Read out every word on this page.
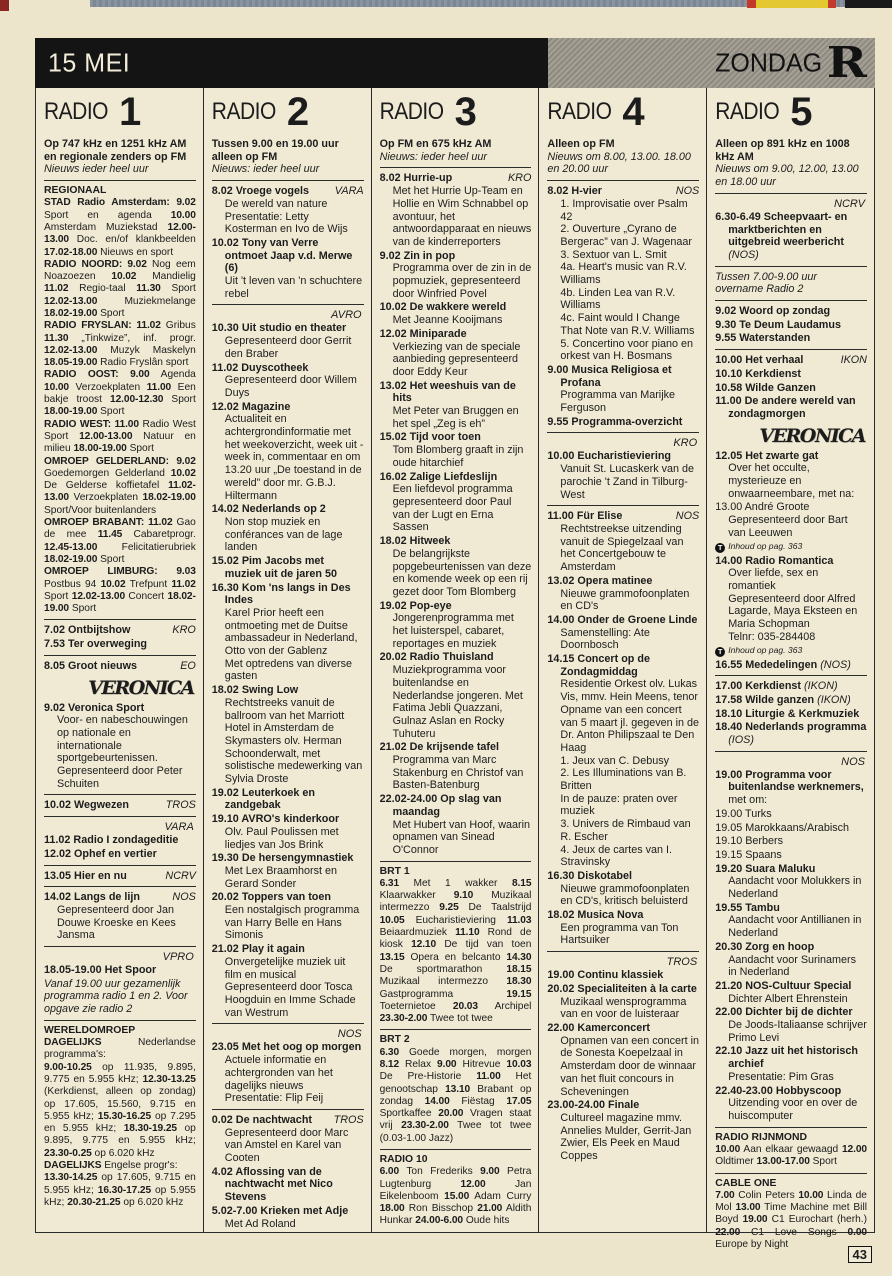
15 MEI	ZONDAG R
RADIO 1

Op 747 kHz en 1251 kHz AM en regionale zenders op FM

Nieuws ieder heel uur

REGIONAAL

STAD Radio Amsterdam: 9.02 Sport en agenda 10.00 Amsterdam Muziekstad 12.00-13.00 Doc. en/of klankbeelden 17.02-18.00 Nieuws en sport

RADIO NOORD: 9.02 Nog eem Noazoezen 10.02 Mandielig 11.02 Regio-taal 11.30 Sport 12.02-13.00 Muziekmelange 18.02-19.00 Sport

RADIO FRYSLAN: 11.02 Gribus 11.30 „Tinkwize”, inf. progr. 12.02-13.00 Muzyk Maskelyn 18.05-19.00 Radio Fryslân sport

RADIO OOST: 9.00 Agenda 10.00 Verzoekplaten 11.00 Een bakje troost 12.00-12.30 Sport 18.00-19.00 Sport

RADIO WEST: 11.00 Radio West Sport 12.00-13.00 Natuur en milieu 18.00-19.00 Sport

OMROEP GELDERLAND: 9.02 Goedemorgen Gelderland 10.02 De Gelderse koffietafel 11.02-13.00 Verzoekplaten 18.02-19.00 Sport/Voor buitenlanders

OMROEP BRABANT: 11.02 Gao de mee 11.45 Cabaretprogr. 12.45-13.00 Felicitatierubriek 18.02-19.00 Sport

OMROEP LIMBURG: 9.03 Postbus 94 10.02 Trefpunt 11.02 Sport 12.02-13.00 Concert 18.02-19.00 Sport

KRO
7.02 Ontbijtshow

7.53 Ter overweging

EO
8.05 Groot nieuws

VERONICA

9.02 Veronica Sport
Voor- en nabeschouwingen op nationale en internationale sportgebeurtenissen.
Gepresenteerd door Peter Schuiten

TROS
10.02 Wegwezen

VARA

11.02 Radio I zondageditie

12.02 Ophef en vertier

NCRV
13.05 Hier en nu

NOS
14.02 Langs de lijn
Gepresenteerd door Jan Douwe Kroeske en Kees Jansma

VPRO

18.05-19.00 Het Spoor

Vanaf 19.00 uur gezamenlijk programma radio 1 en 2. Voor opgave zie radio 2

WERELDOMROEP

DAGELIJKS Nederlandse programma's:

9.00-10.25 op 11.935, 9.895, 9.775 en 5.955 kHz; 12.30-13.25 (Kerkdienst, alleen op zondag) op 17.605, 15.560, 9.715 en 5.955 kHz; 15.30-16.25 op 7.295 en 5.955 kHz; 18.30-19.25 op 9.895, 9.775 en 5.955 kHz; 23.30-0.25 op 6.020 kHz

DAGELIJKS Engelse progr's:

13.30-14.25 op 17.605, 9.715 en 5.955 kHz; 16.30-17.25 op 5.955 kHz; 20.30-21.25 op 6.020 kHz

RADIO 2

Tussen 9.00 en 19.00 uur alleen op FM

Nieuws: ieder heel uur

VARA
8.02 Vroege vogels
De wereld van nature
Presentatie: Letty Kosterman en Ivo de Wijs

10.02 Tony van Verre ontmoet Jaap v.d. Merwe (6)
Uit 't leven van 'n schuchtere rebel

AVRO

10.30 Uit studio en theater
Gepresenteerd door Gerrit den Braber

11.02 Duyscotheek
Gepresenteerd door Willem Duys

12.02 Magazine
Actualiteit en achtergrondinformatie met het weekoverzicht, week uit - week in, commentaar en om 13.20 uur „De toestand in de wereld” door mr. G.B.J. Hiltermann

14.02 Nederlands op 2
Non stop muziek en conférances van de lage landen

15.02 Pim Jacobs met muziek uit de jaren 50

16.30 Kom 'ns langs in Des Indes
Karel Prior heeft een ontmoeting met de Duitse ambassadeur in Nederland, Otto von der Gablenz
Met optredens van diverse gasten

18.02 Swing Low
Rechtstreeks vanuit de ballroom van het Marriott Hotel in Amsterdam de Skymasters olv. Herman Schoonderwalt, met solistische medewerking van Sylvia Droste

19.02 Leuterkoek en zandgebak

19.10 AVRO's kinderkoor
Olv. Paul Poulissen met liedjes van Jos Brink

19.30 De hersengymnastiek
Met Lex Braamhorst en Gerard Sonder

20.02 Toppers van toen
Een nostalgisch programma van Harry Belle en Hans Simonis

21.02 Play it again
Onvergetelijke muziek uit film en musical
Gepresenteerd door Tosca Hoogduin en Imme Schade van Westrum

NOS

23.05 Met het oog op morgen
Actuele informatie en achtergronden van het dagelijks nieuws
Presentatie: Flip Feij

TROS
0.02 De nachtwacht
Gepresenteerd door Marc van Amstel en Karel van Cooten

4.02 Aflossing van de nachtwacht met Nico Stevens

5.02-7.00 Krieken met Adje
Met Ad Roland

RADIO 3

Op FM en 675 kHz AM

Nieuws: ieder heel uur

KRO
8.02 Hurrie-up
Met het Hurrie Up-Team en Hollie en Wim Schnabbel op avontuur, het antwoordapparaat en nieuws van de kinderreporters

9.02 Zin in pop
Programma over de zin in de popmuziek, gepresenteerd door Winfried Povel

10.02 De wakkere wereld
Met Jeanne Kooijmans

12.02 Miniparade
Verkiezing van de speciale aanbieding gepresenteerd door Eddy Keur

13.02 Het weeshuis van de hits
Met Peter van Bruggen en het spel „Zeg is eh”

15.02 Tijd voor toen
Tom Blomberg graaft in zijn oude hitarchief

16.02 Zalige Liefdeslijn
Een liefdevol programma gepresenteerd door Paul van der Lugt en Erna Sassen

18.02 Hitweek
De belangrijkste popgebeurtenissen van deze en komende week op een rij gezet door Tom Blomberg

19.02 Pop-eye
Jongerenprogramma met het luisterspel, cabaret, reportages en muziek

20.02 Radio Thuisland
Muziekprogramma voor buitenlandse en Nederlandse jongeren. Met Fatima Jebli Quazzani, Gulnaz Aslan en Rocky Tuhuteru

21.02 De krijsende tafel
Programma van Marc Stakenburg en Christof van Basten-Batenburg

22.02-24.00 Op slag van maandag
Met Hubert van Hoof, waarin opnamen van Sinead O'Connor

BRT 1

6.31 Met 1 wakker 8.15 Klaarwakker 9.10 Muzikaal intermezzo 9.25 De Taalstrijd 10.05 Eucharistieviering 11.03 Beiaardmuziek 11.10 Rond de kiosk 12.10 De tijd van toen 13.15 Opera en belcanto 14.30 De sportmarathon 18.15 Muzikaal intermezzo 18.30 Gastprogramma 19.15 Toeternietoe 20.03 Archipel 23.30-2.00 Twee tot twee

BRT 2

6.30 Goede morgen, morgen 8.12 Relax 9.00 Hitrevue 10.03 De Pre-Historie 11.00 Het genootschap 13.10 Brabant op zondag 14.00 Fiëstag 17.05 Sportkaffee 20.00 Vragen staat vrij 23.30-2.00 Twee tot twee (0.03-1.00 Jazz)

RADIO 10

6.00 Ton Frederiks 9.00 Petra Lugtenburg 12.00 Jan Eikelenboom 15.00 Adam Curry 18.00 Ron Bisschop 21.00 Aldith Hunkar 24.00-6.00 Oude hits

RADIO 4

Alleen op FM

Nieuws om 8.00, 13.00. 18.00 en 20.00 uur

NOS
8.02 H-vier
1. Improvisatie over Psalm 42
2. Ouverture „Cyrano de Bergerac” van J. Wagenaar
3. Sextuor van L. Smit
4a. Heart's music van R.V. Williams
4b. Linden Lea van R.V. Williams
4c. Faint would I Change That Note van R.V. Williams
5. Concertino voor piano en orkest van H. Bosmans

9.00 Musica Religiosa et Profana
Programma van Marijke Ferguson

9.55 Programma-overzicht

KRO

10.00 Eucharistieviering
Vanuit St. Lucaskerk van de parochie 't Zand in Tilburg-West

NOS
11.00 Für Elise
Rechtstreekse uitzending vanuit de Spiegelzaal van het Concertgebouw te Amsterdam

13.02 Opera matinee
Nieuwe grammofoonplaten en CD's

14.00 Onder de Groene Linde
Samenstelling: Ate Doornbosch

14.15 Concert op de Zondagmiddag
Residentie Orkest olv. Lukas Vis, mmv. Hein Meens, tenor
Opname van een concert van 5 maart jl. gegeven in de Dr. Anton Philipszaal te Den Haag
1. Jeux van C. Debusy
2. Les Illuminations van B. Britten
In de pauze: praten over muziek
3. Univers de Rimbaud van R. Escher
4. Jeux de cartes van I. Stravinsky

16.30 Diskotabel
Nieuwe grammofoonplaten en CD's, kritisch beluisterd

18.02 Musica Nova
Een programma van Ton Hartsuiker

TROS

19.00 Continu klassiek

20.02 Specialiteiten à la carte
Muzikaal wensprogramma van en voor de luisteraar

22.00 Kamerconcert
Opnamen van een concert in de Sonesta Koepelzaal in Amsterdam door de winnaar van het fluit concours in Scheveningen

23.00-24.00 Finale
Cultureel magazine mmv. Annelies Mulder, Gerrit-Jan Zwier, Els Peek en Maud Coppes

RADIO 5

Alleen op 891 kHz en 1008 kHz AM

Nieuws om 9.00, 12.00, 13.00 en 18.00 uur

NCRV

6.30-6.49 Scheepvaart- en marktberichten en uitgebreid weerbericht (NOS)

Tussen 7.00-9.00 uur overname Radio 2

9.02 Woord op zondag

9.30 Te Deum Laudamus

9.55 Waterstanden

IKON
10.00 Het verhaal

10.10 Kerkdienst

10.58 Wilde Ganzen

11.00 De andere wereld van zondagmorgen

VERONICA

12.05 Het zwarte gat
Over het occulte, mysterieuze en onwaarneembare, met na:

13.00 André Groote
Gepresenteerd door Bart van Leeuwen

T Inhoud op pag. 363

14.00 Radio Romantica
Over liefde, sex en romantiek
Gepresenteerd door Alfred Lagarde, Maya Eksteen en Maria Schopman
Telnr: 035-284408

T Inhoud op pag. 363

16.55 Mededelingen (NOS)

17.00 Kerkdienst (IKON)

17.58 Wilde ganzen (IKON)

18.10 Liturgie & Kerkmuziek

18.40 Nederlands programma (IOS)

NOS

19.00 Programma voor buitenlandse werknemers,
met om:

19.00 Turks

19.05 Marokkaans/Arabisch

19.10 Berbers

19.15 Spaans

19.20 Suara Maluku
Aandacht voor Molukkers in Nederland

19.55 Tambu
Aandacht voor Antillianen in Nederland

20.30 Zorg en hoop
Aandacht voor Surinamers in Nederland

21.20 NOS-Cultuur Special
Dichter Albert Ehrenstein

22.00 Dichter bij de dichter
De Joods-Italiaanse schrijver Primo Levi

22.10 Jazz uit het historisch archief
Presentatie: Pim Gras

22.40-23.00 Hobbyscoop
Uitzending voor en over de huiscomputer

RADIO RIJNMOND

10.00 Aan elkaar gewaagd 12.00 Oldtimer 13.00-17.00 Sport

CABLE ONE

7.00 Colin Peters 10.00 Linda de Mol 13.00 Time Machine met Bill Boyd 19.00 C1 Eurochart (herh.) 22.00 C1 Love Songs 0.00 Europe by Night

43
